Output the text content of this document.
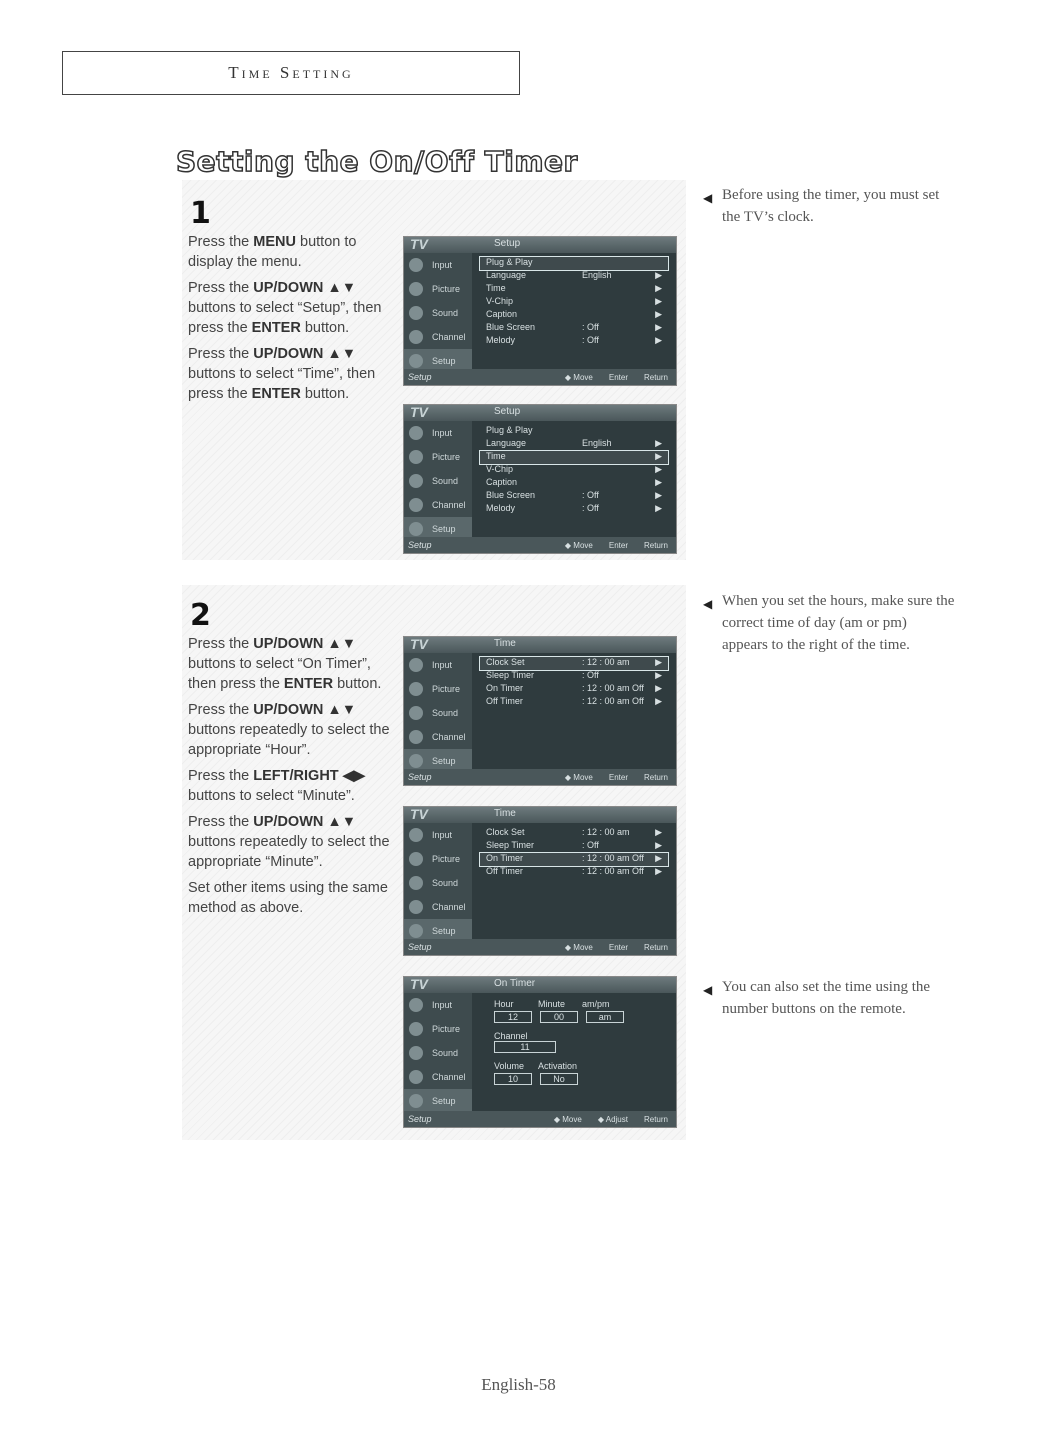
Time Setting
Setting the On/Off Timer
1

Press the MENU button to display the menu.

Press the UP/DOWN ▲▼ buttons to select “Setup”, then press the ENTER button.

Press the UP/DOWN ▲▼ buttons to select “Time”, then press the ENTER button.

TV	Setup
Input
Picture
Sound
Channel
Setup
Plug & Play
Language	English	▶
Time	▶
V-Chip	▶
Caption	▶
Blue Screen	: Off	▶
Melody	: Off	▶
Setup	◆ Move Enter Return
TV	Setup
Input
Picture
Sound
Channel
Setup
Plug & Play
Language	English	▶
Time	▶
V-Chip	▶
Caption	▶
Blue Screen	: Off	▶
Melody	: Off	▶
Setup	◆ Move Enter Return
◀ Before using the timer, you must set the TV’s clock.
2

Press the UP/DOWN ▲▼ buttons to select “On Timer”, then press the ENTER button.

Press the UP/DOWN ▲▼ buttons repeatedly to select the appropriate “Hour”.

Press the LEFT/RIGHT ◀▶ buttons to select “Minute”.

Press the UP/DOWN ▲▼ buttons repeatedly to select the appropriate “Minute”.

Set other items using the same method as above.

TV	Time
Input
Picture
Sound
Channel
Setup
Clock Set	: 12 : 00 am	▶
Sleep Timer	: Off	▶
On Timer	: 12 : 00 am Off	▶
Off Timer	: 12 : 00 am Off	▶
Setup	◆ Move Enter Return
TV	Time
Input
Picture
Sound
Channel
Setup
Clock Set	: 12 : 00 am	▶
Sleep Timer	: Off	▶
On Timer	: 12 : 00 am Off	▶
Off Timer	: 12 : 00 am Off	▶
Setup	◆ Move Enter Return
TV	On Timer
Input
Picture
Sound
Channel
Setup
Hour	Minute	am/pm
12	00	am
Channel
11
Volume	Activation
10	No
Setup	◆ Move ◆ Adjust Return
◀ When you set the hours, make sure the correct time of day (am or pm) appears to the right of the time.
◀ You can also set the time using the number buttons on the remote.
English-58
